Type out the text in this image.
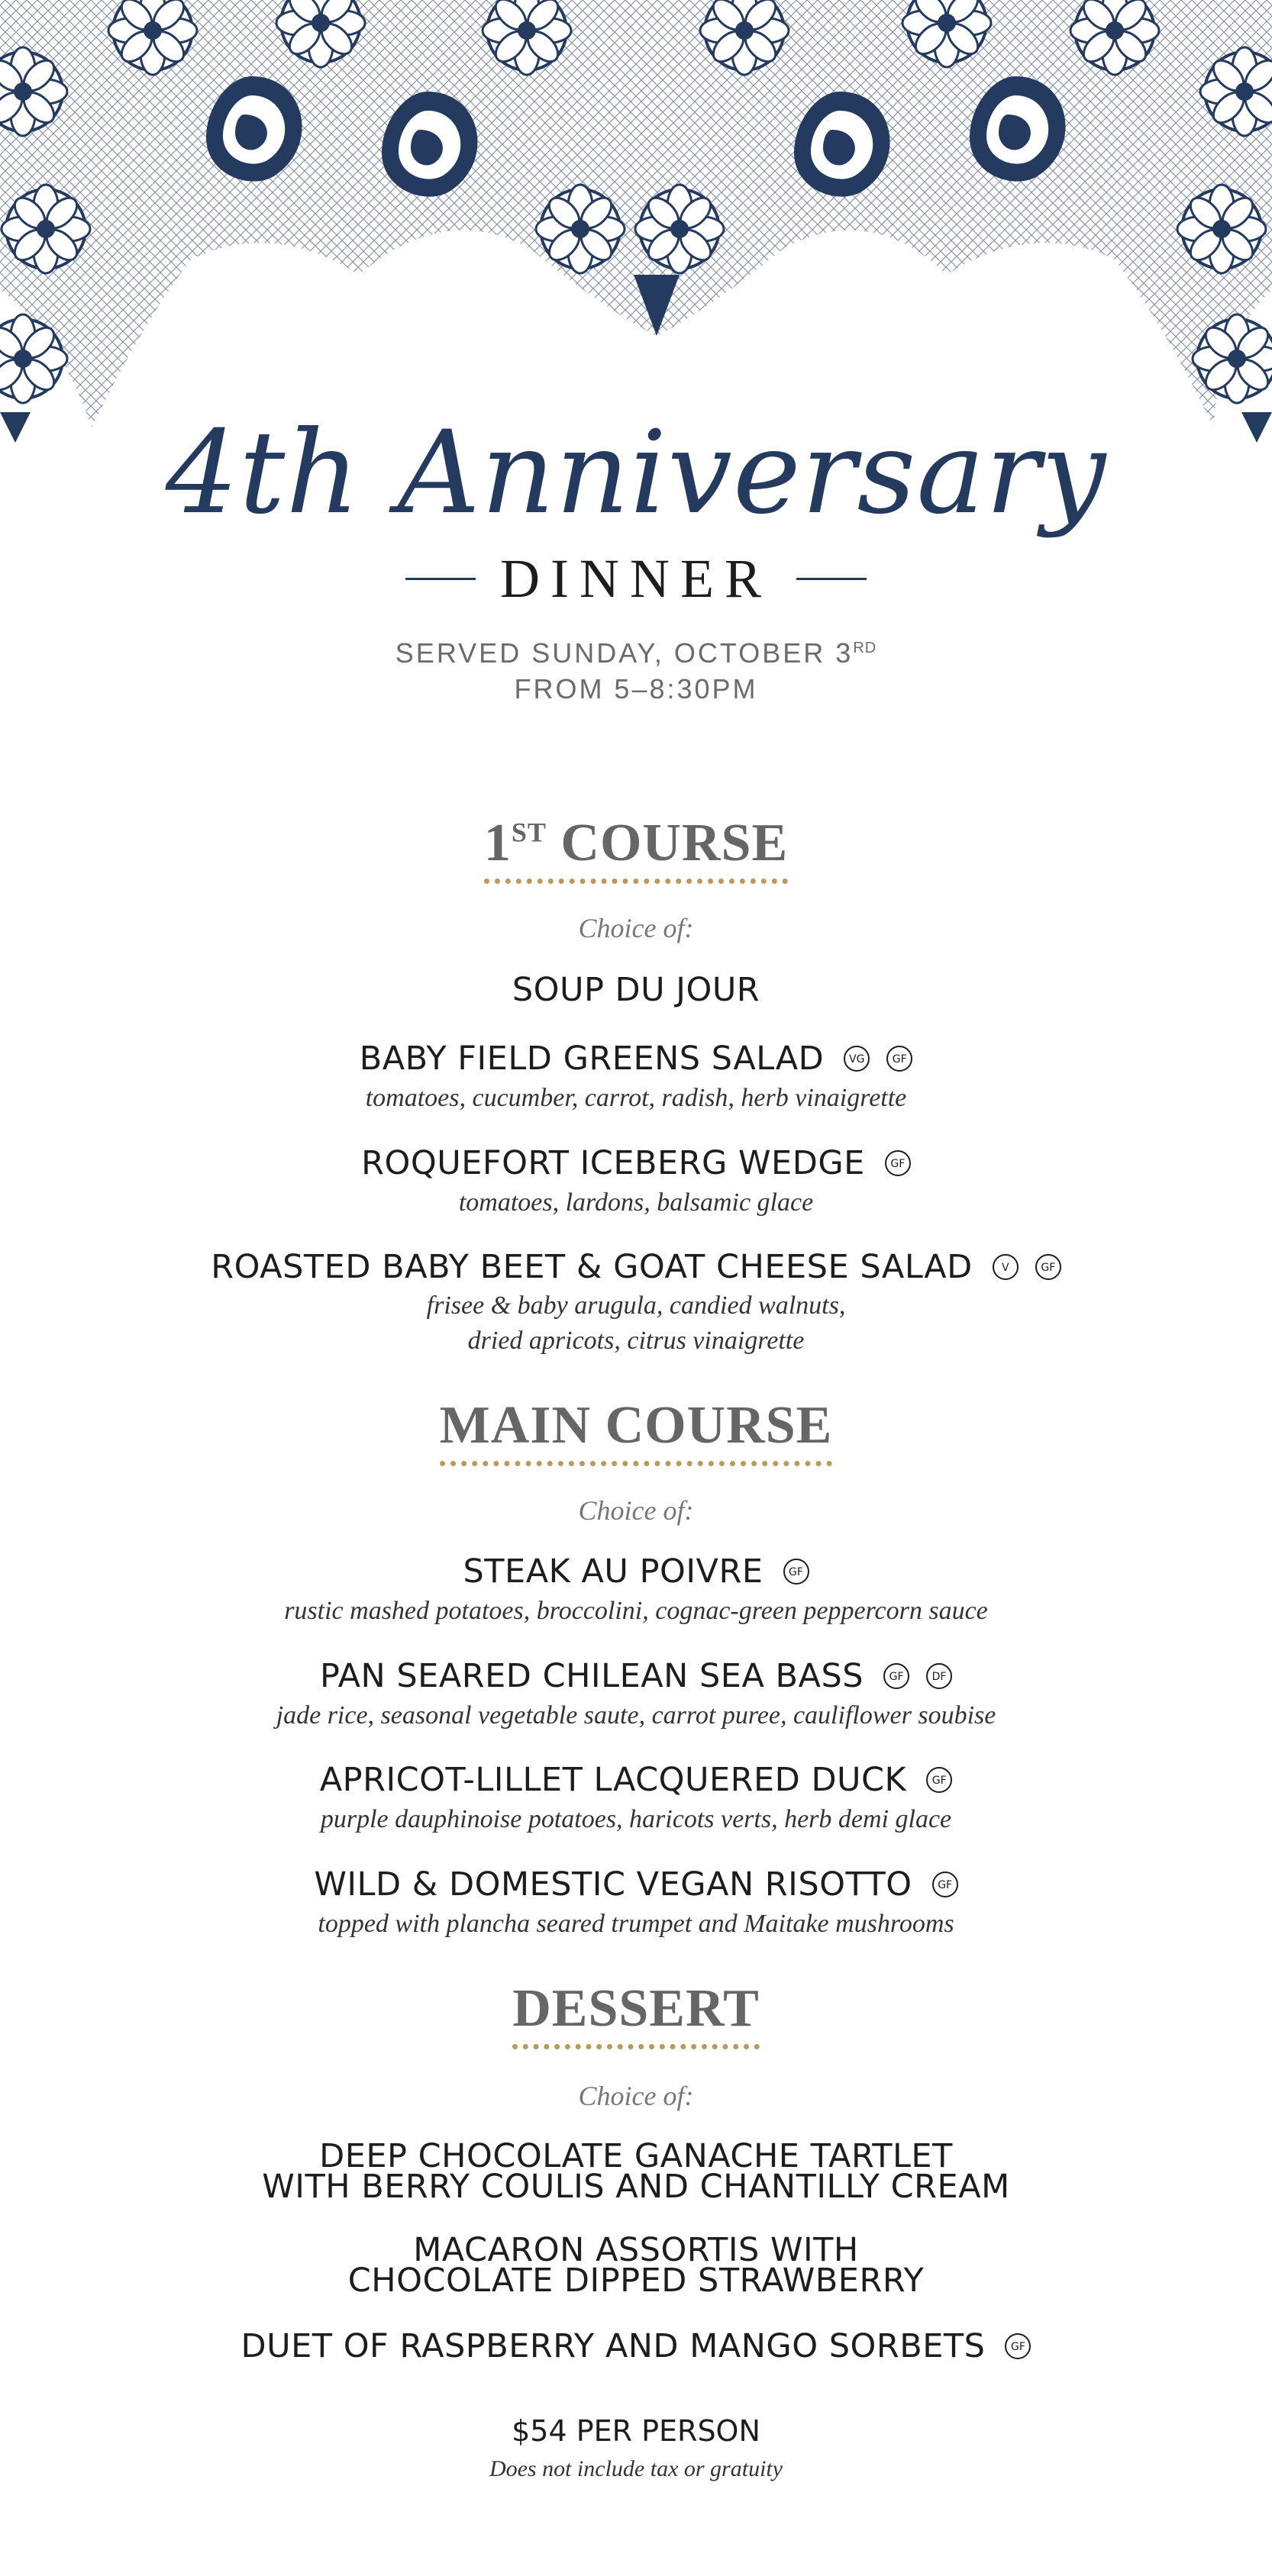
4th Anniversary
DINNER
SERVED SUNDAY, OCTOBER 3RD
FROM 5–8:30PM
1ST COURSE
Choice of:
SOUP DU JOUR
BABY FIELD GREENS SALAD VG	GF
tomatoes, cucumber, carrot, radish, herb vinaigrette
ROQUEFORT ICEBERG WEDGE GF
tomatoes, lardons, balsamic glace
ROASTED BABY BEET & GOAT CHEESE SALAD	V	GF
frisee & baby arugula, candied walnuts,
dried apricots, citrus vinaigrette
MAIN COURSE
Choice of:
STEAK AU POIVRE GF
rustic mashed potatoes, broccolini, cognac-green peppercorn sauce
PAN SEARED CHILEAN SEA BASS GF	DF
jade rice, seasonal vegetable saute, carrot puree, cauliflower soubise
APRICOT-LILLET LACQUERED DUCK GF
purple dauphinoise potatoes, haricots verts, herb demi glace
WILD & DOMESTIC VEGAN RISOTTO GF
topped with plancha seared trumpet and Maitake mushrooms
DESSERT
Choice of:
DEEP CHOCOLATE GANACHE TARTLET
WITH BERRY COULIS AND CHANTILLY CREAM
MACARON ASSORTIS WITH
CHOCOLATE DIPPED STRAWBERRY
DUET OF RASPBERRY AND MANGO SORBETS GF
$54 PER PERSON
Does not include tax or gratuity
